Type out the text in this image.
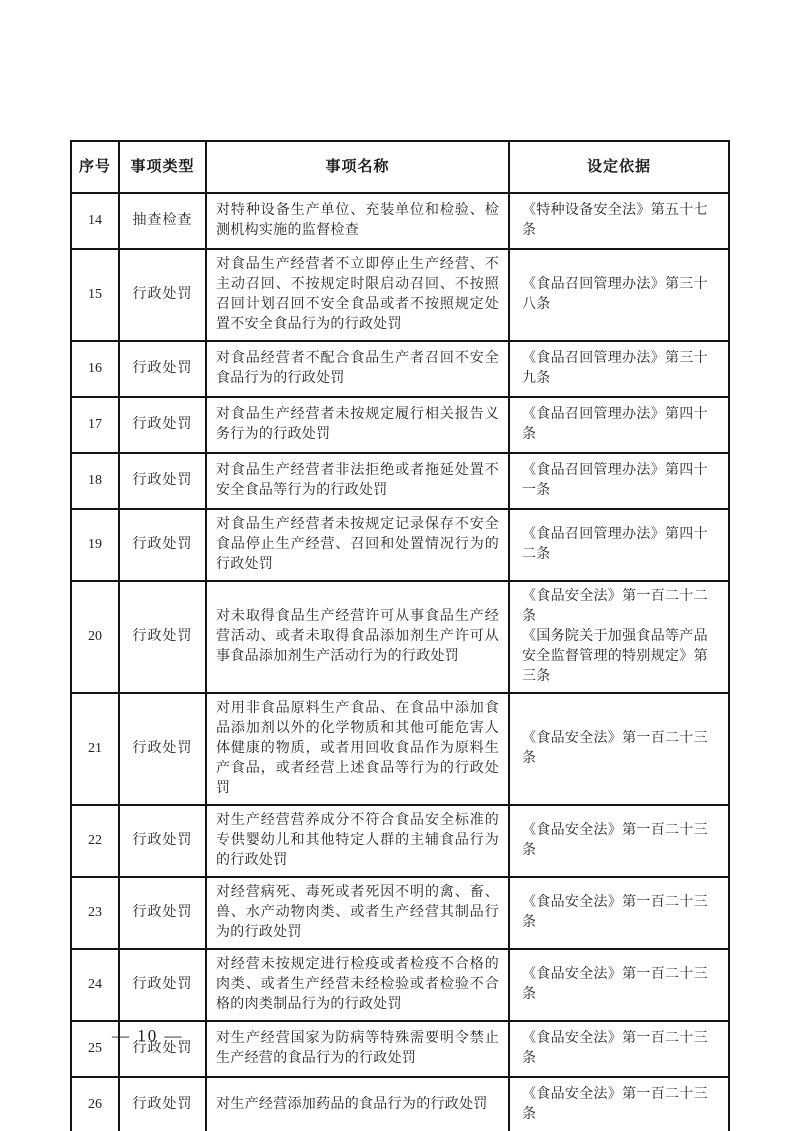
序号	事项类型	事项名称	设定依据
14	抽查检查	对特种设备生产单位、充装单位和检验、检测机构实施的监督检查	《特种设备安全法》第五十七条

15	行政处罚	对食品生产经营者不立即停止生产经营、不主动召回、不按规定时限启动召回、不按照召回计划召回不安全食品或者不按照规定处置不安全食品行为的行政处罚	《食品召回管理办法》第三十八条

16	行政处罚	对食品经营者不配合食品生产者召回不安全食品行为的行政处罚	《食品召回管理办法》第三十九条

17	行政处罚	对食品生产经营者未按规定履行相关报告义务行为的行政处罚	《食品召回管理办法》第四十条

18	行政处罚	对食品生产经营者非法拒绝或者拖延处置不安全食品等行为的行政处罚	《食品召回管理办法》第四十一条

19	行政处罚	对食品生产经营者未按规定记录保存不安全食品停止生产经营、召回和处置情况行为的行政处罚	《食品召回管理办法》第四十二条

20	行政处罚	对未取得食品生产经营许可从事食品生产经营活动、或者未取得食品添加剂生产许可从事食品添加剂生产活动行为的行政处罚	《食品安全法》第一百二十二条
《国务院关于加强食品等产品安全监督管理的特别规定》第三条

21	行政处罚	对用非食品原料生产食品、在食品中添加食品添加剂以外的化学物质和其他可能危害人体健康的物质，或者用回收食品作为原料生产食品，或者经营上述食品等行为的行政处罚	《食品安全法》第一百二十三条

22	行政处罚	对生产经营营养成分不符合食品安全标准的专供婴幼儿和其他特定人群的主辅食品行为的行政处罚	《食品安全法》第一百二十三条

23	行政处罚	对经营病死、毒死或者死因不明的禽、畜、兽、水产动物肉类、或者生产经营其制品行为的行政处罚	《食品安全法》第一百二十三条

24	行政处罚	对经营未按规定进行检疫或者检疫不合格的肉类、或者生产经营未经检验或者检验不合格的肉类制品行为的行政处罚	《食品安全法》第一百二十三条

25	行政处罚	对生产经营国家为防病等特殊需要明令禁止生产经营的食品行为的行政处罚	《食品安全法》第一百二十三条

26	行政处罚	对生产经营添加药品的食品行为的行政处罚	《食品安全法》第一百二十三条
— 10 —
